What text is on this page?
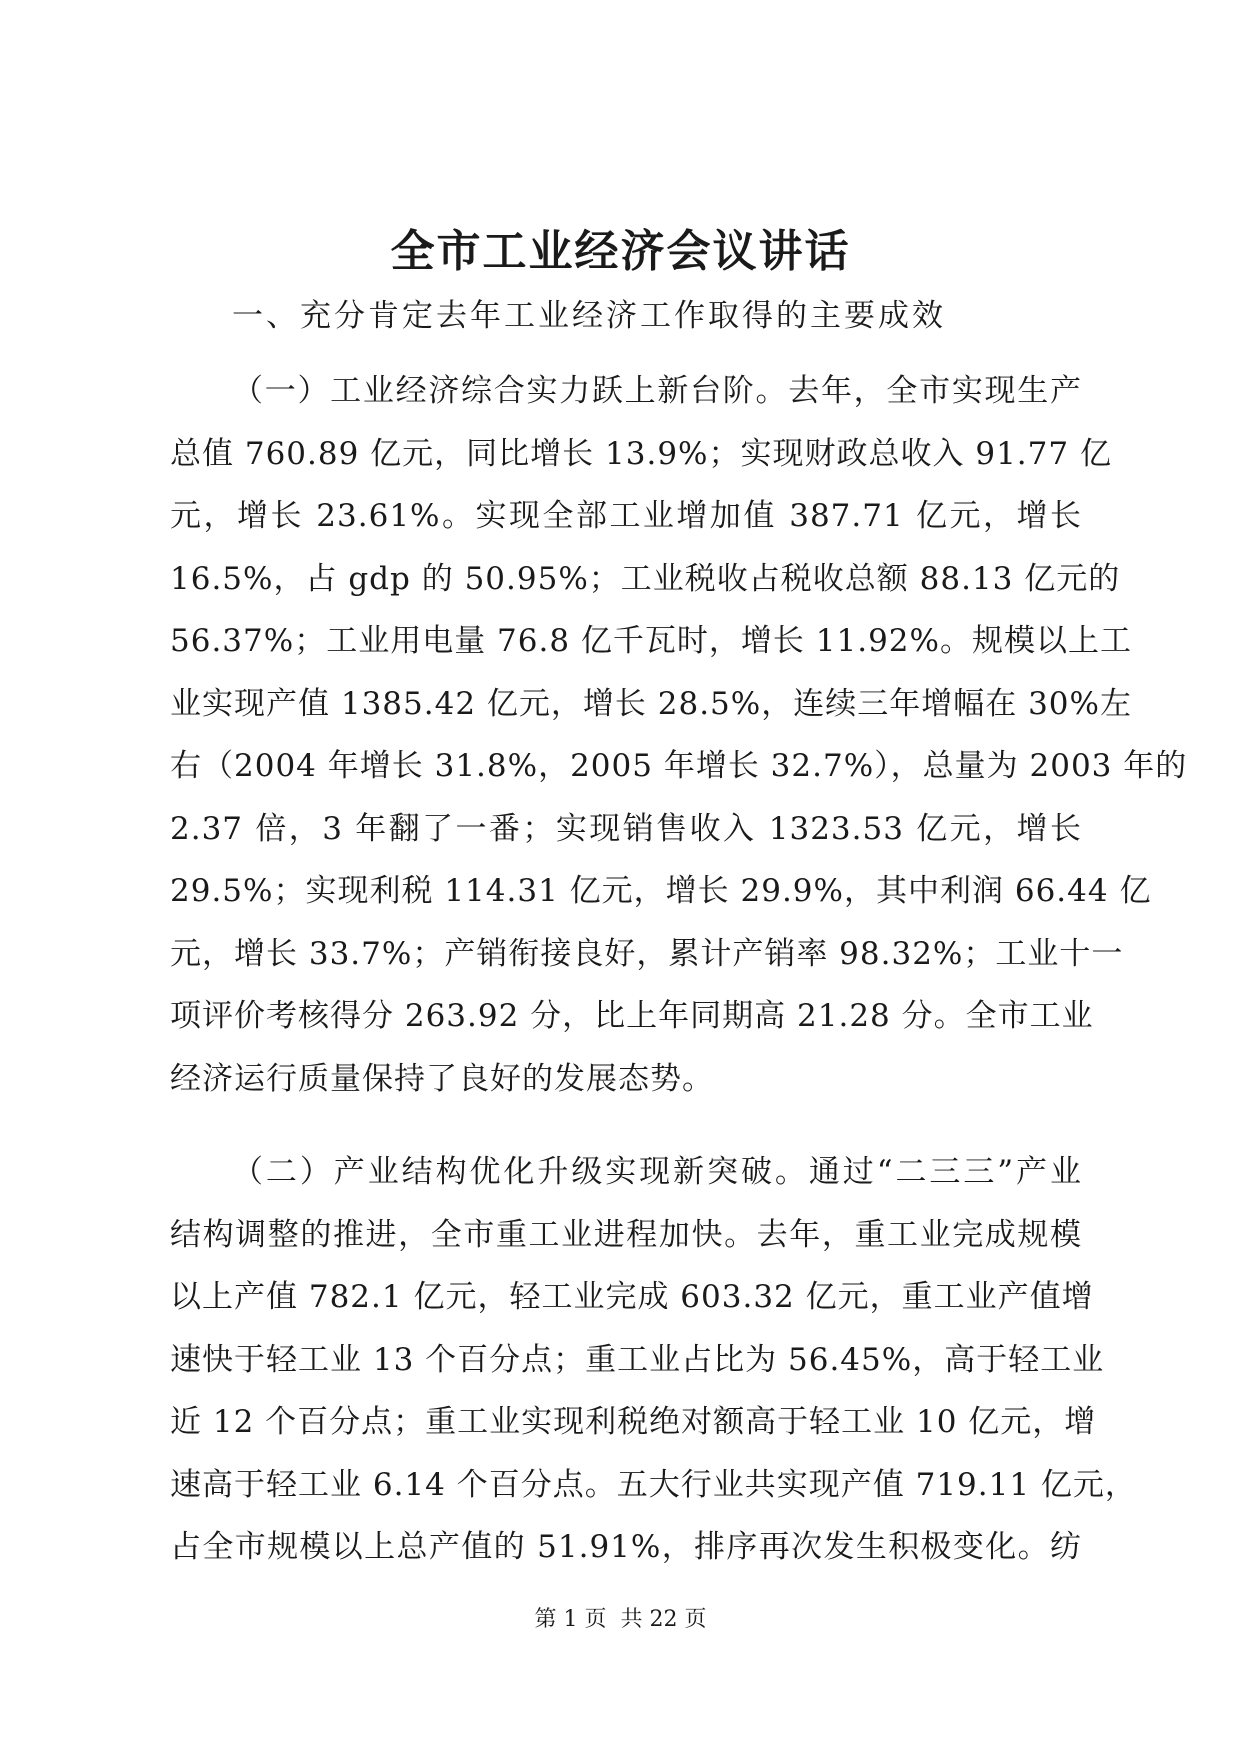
全市工业经济会议讲话
一、充分肯定去年工业经济工作取得的主要成效
（一）工业经济综合实力跃上新台阶。去年，全市实现生产
总值 760.89 亿元，同比增长 13.9%；实现财政总收入 91.77 亿
元，增长 23.61%。实现全部工业增加值 387.71 亿元，增长
16.5%，占 gdp 的 50.95%；工业税收占税收总额 88.13 亿元的
56.37%；工业用电量 76.8 亿千瓦时，增长 11.92%。规模以上工
业实现产值 1385.42 亿元，增长 28.5%，连续三年增幅在 30%左
右（2004 年增长 31.8%，2005 年增长 32.7%），总量为 2003 年的
2.37 倍，3 年翻了一番；实现销售收入 1323.53 亿元，增长
29.5%；实现利税 114.31 亿元，增长 29.9%，其中利润 66.44 亿
元，增长 33.7%；产销衔接良好，累计产销率 98.32%；工业十一
项评价考核得分 263.92 分，比上年同期高 21.28 分。全市工业
经济运行质量保持了良好的发展态势。
（二）产业结构优化升级实现新突破。通过“二三三”产业
结构调整的推进，全市重工业进程加快。去年，重工业完成规模
以上产值 782.1 亿元，轻工业完成 603.32 亿元，重工业产值增
速快于轻工业 13 个百分点；重工业占比为 56.45%，高于轻工业
近 12 个百分点；重工业实现利税绝对额高于轻工业 10 亿元，增
速高于轻工业 6.14 个百分点。五大行业共实现产值 719.11 亿元，
占全市规模以上总产值的 51.91%，排序再次发生积极变化。纺
第 1 页  共 22 页
